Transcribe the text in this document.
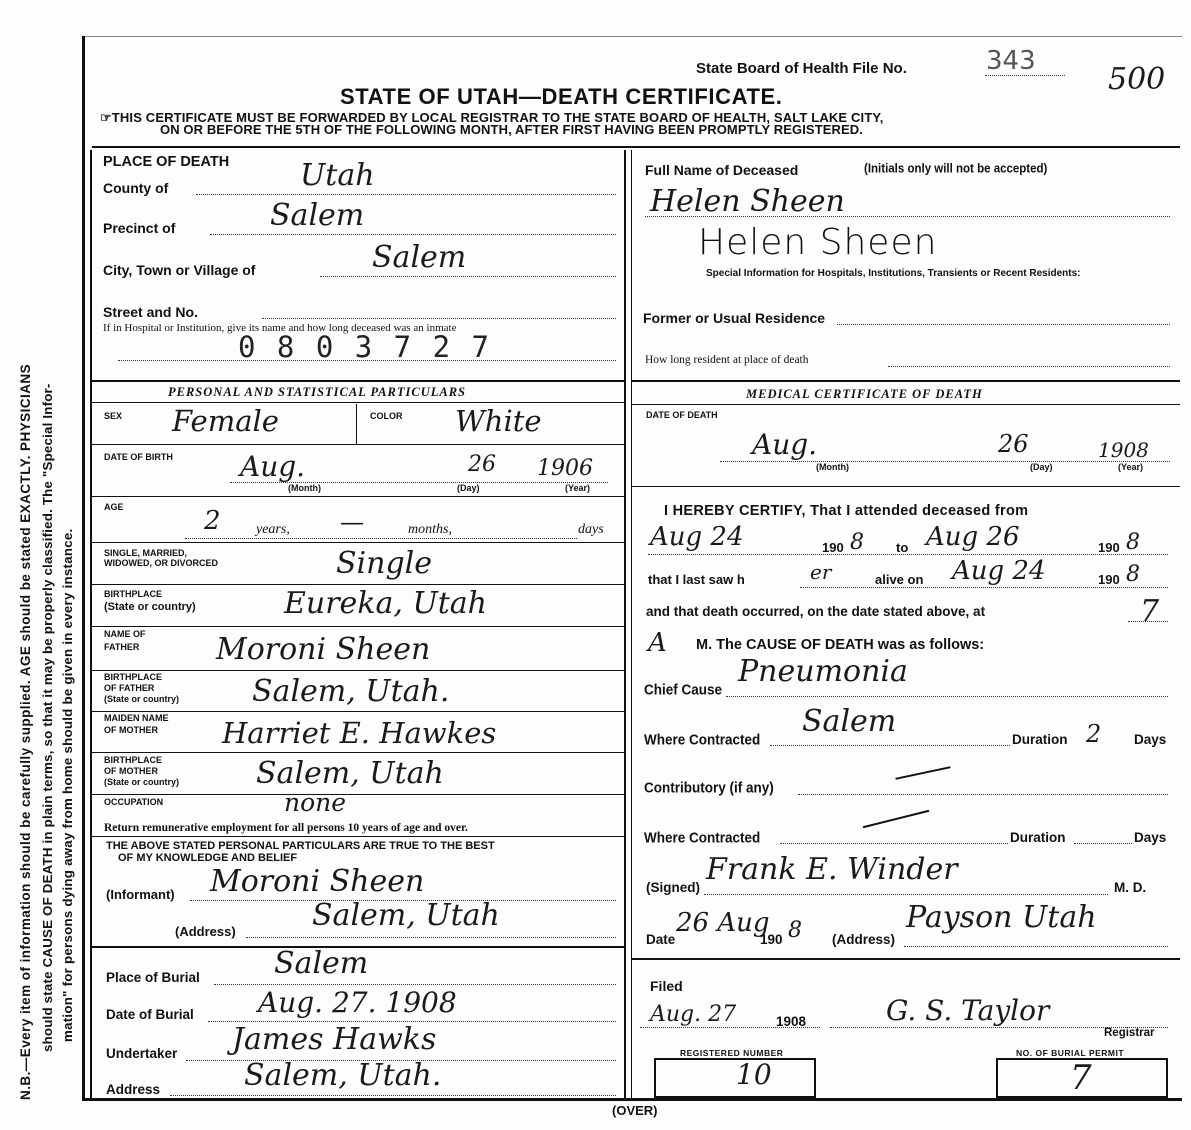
N.B.—Every item of information should be carefully supplied. AGE should be stated EXACTLY. PHYSICIANS should state CAUSE OF DEATH in plain terms, so that it may be properly classified. The "Special Infor- mation" for persons dying away from home should be given in every instance.
State Board of Health File No.	343
500
STATE OF UTAH—DEATH CERTIFICATE.
☞THIS CERTIFICATE MUST BE FORWARDED BY LOCAL REGISTRAR TO THE STATE BOARD OF HEALTH, SALT LAKE CITY,
ON OR BEFORE THE 5TH OF THE FOLLOWING MONTH, AFTER FIRST HAVING BEEN PROMPTLY REGISTERED.
PLACE OF DEATH
County of	Utah
Precinct of	Salem
City, Town or Village of	Salem
Street and No.
If in Hospital or Institution, give its name and how long deceased was an inmate
0 8 0 3 7 2 7
Full Name of Deceased	(Initials only will not be accepted)
Helen Sheen
Helen Sheen
Special Information for Hospitals, Institutions, Transients or Recent Residents:
Former or Usual Residence
How long resident at place of death
PERSONAL AND STATISTICAL PARTICULARS
SEX Female	COLOR White
DATE OF BIRTH Aug.	26 1906
(Month)	(Day)	(Year)
AGE	2	years, —	months,	days
SINGLE, MARRIED,
WIDOWED, OR DIVORCED	Single
BIRTHPLACE
(State or country)	Eureka, Utah
NAME OF
FATHER	Moroni Sheen
BIRTHPLACE
OF FATHER
(State or country) Salem, Utah.
MAIDEN NAME
OF MOTHER Harriet E. Hawkes
BIRTHPLACE
OF MOTHER
(State or country)	Salem, Utah
OCCUPATION	none
Return remunerative employment for all persons 10 years of age and over.
THE ABOVE STATED PERSONAL PARTICULARS ARE TRUE TO THE BEST
OF MY KNOWLEDGE AND BELIEF
(Informant) Moroni Sheen
(Address)	Salem, Utah
Place of Burial Salem
Date of Burial Aug. 27. 1908
Undertaker James Hawks
Address	Salem, Utah.
MEDICAL CERTIFICATE OF DEATH
DATE OF DEATH
Aug.	26	1908
(Month)	(Day)	(Year)
I HEREBY CERTIFY, That I attended deceased from
Aug 24	190 8 to Aug 26	190 8
that I last saw h	er	alive on Aug 24	190 8
and that death occurred, on the date stated above, at	7
A M. The CAUSE OF DEATH was as follows:
Chief Cause
Pneumonia
Where Contracted
Salem
Duration 2 Days
Contributory (if any)
Where Contracted	Duration	Days
(Signed)
Frank E. Winder
M. D.
Date
26 Aug
190 8 (Address)
Payson Utah
Filed
Aug. 27	1908	G. S. Taylor
Registrar
REGISTERED NUMBER
10
NO. OF BURIAL PERMIT
7
(OVER)
